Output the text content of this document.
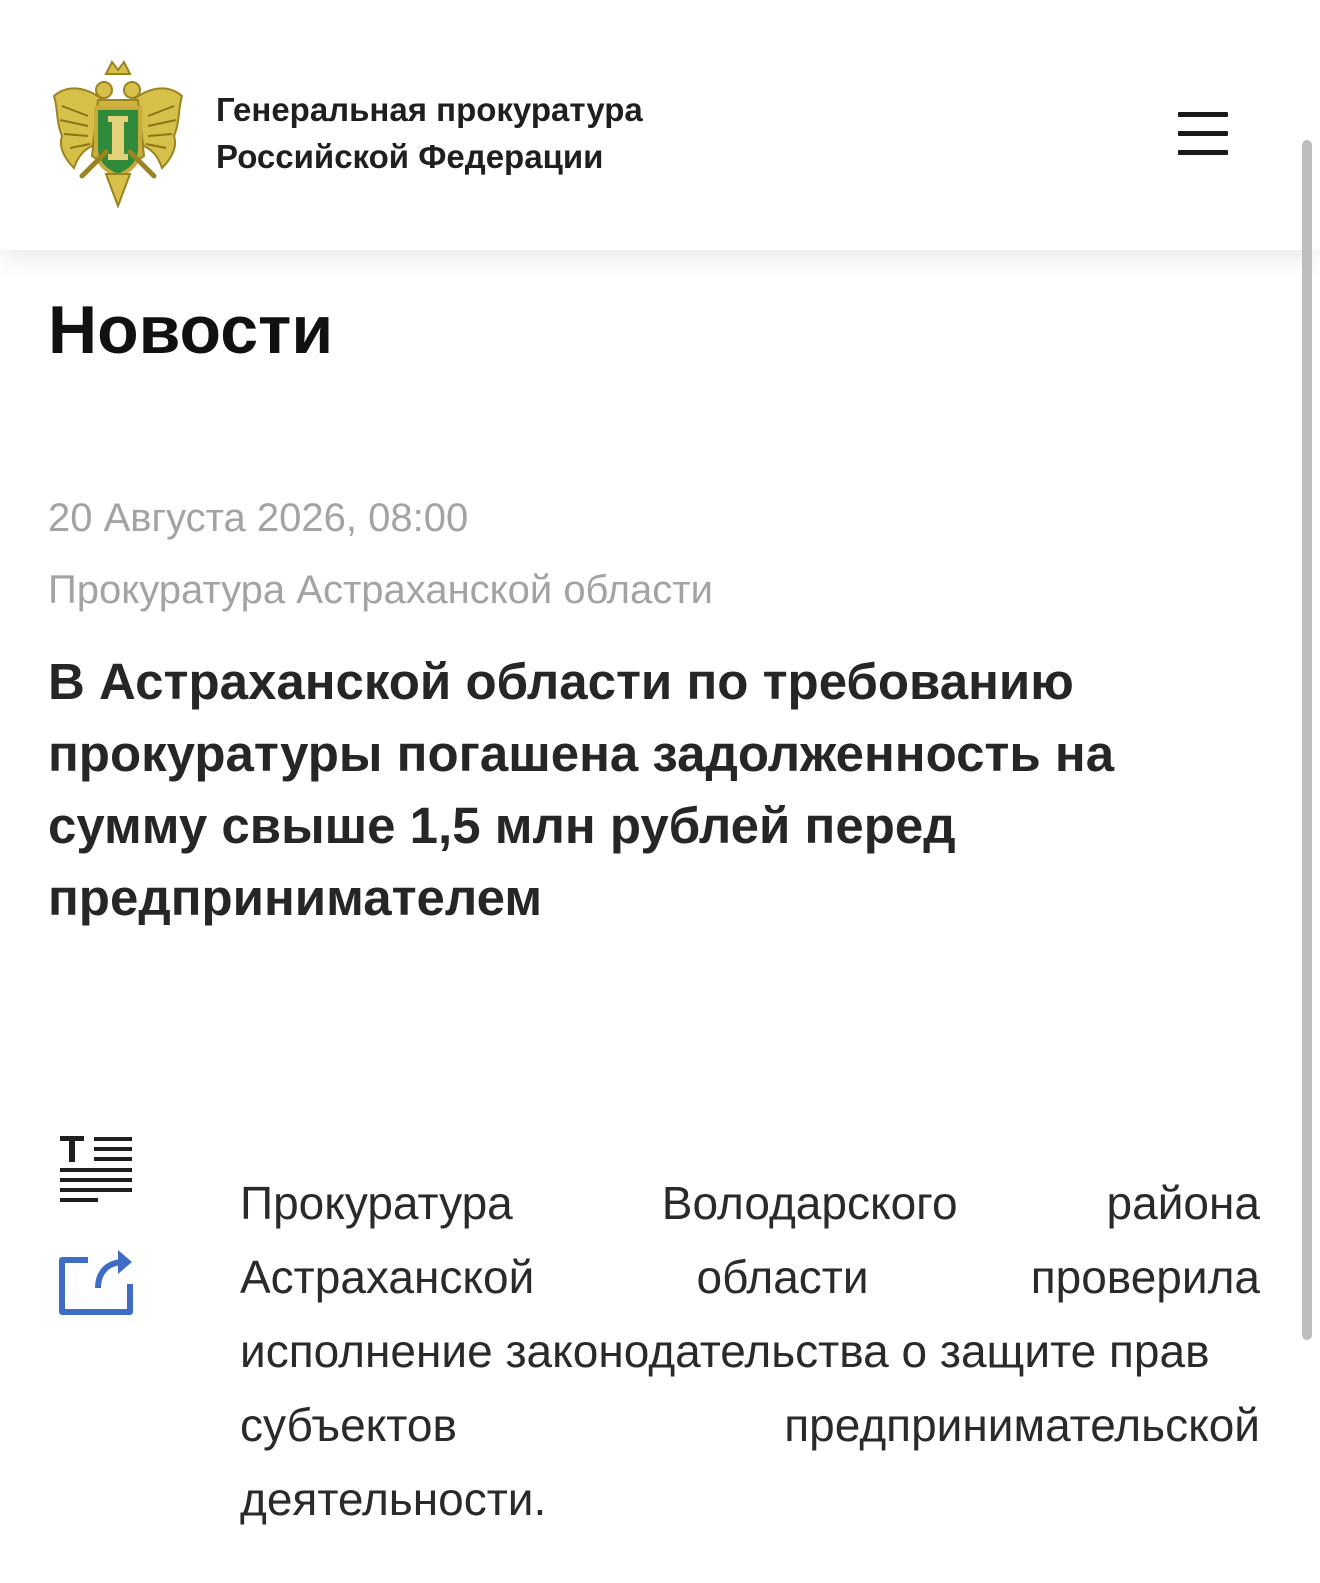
Генеральная прокуратура
Российской Федерации
Новости
20 Августа 2026, 08:00
Прокуратура Астраханской области
В Астраханской области по требованию
прокуратуры погашена задолженность на
сумму свыше 1,5 млн рублей перед
предпринимателем
Прокуратура	Володарского	района
Астраханской	области	проверила
исполнение законодательства о защите прав
субъектов	предпринимательской
деятельности.
